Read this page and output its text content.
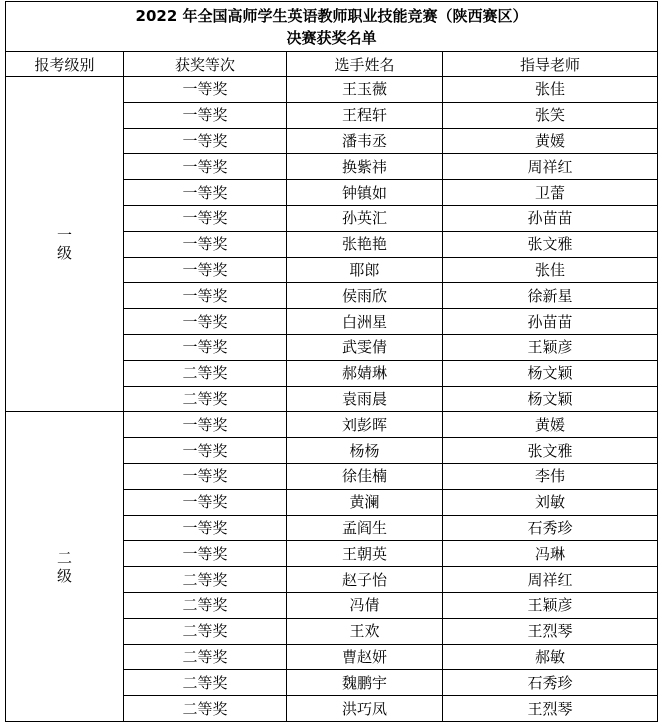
2022 年全国高师学生英语教师职业技能竞赛（陕西赛区）
决赛获奖名单			

报考级别	获奖等次	选手姓名	指导老师

一
级	一等奖	王玉薇	张佳
	一等奖	王程轩	张笑
	一等奖	潘韦丞	黄媛
	一等奖	换紫祎	周祥红
	一等奖	钟镇如	卫蕾
	一等奖	孙英汇	孙苗苗
	一等奖	张艳艳	张文雅
	一等奖	耶郎	张佳
	一等奖	侯雨欣	徐新星
	一等奖	白洲星	孙苗苗
	一等奖	武雯倩	王颖彦
	二等奖	郝婧琳	杨文颖
	二等奖	袁雨晨	杨文颖

二
级	一等奖	刘彭晖	黄媛
	一等奖	杨杨	张文雅
	一等奖	徐佳楠	李伟
	一等奖	黄澜	刘敏
	一等奖	孟阎生	石秀珍
	一等奖	王朝英	冯琳
	二等奖	赵子怡	周祥红
	二等奖	冯倩	王颖彦
	二等奖	王欢	王烈琴
	二等奖	曹赵妍	郝敏
	二等奖	魏鹏宇	石秀珍
	二等奖	洪巧凤	王烈琴
